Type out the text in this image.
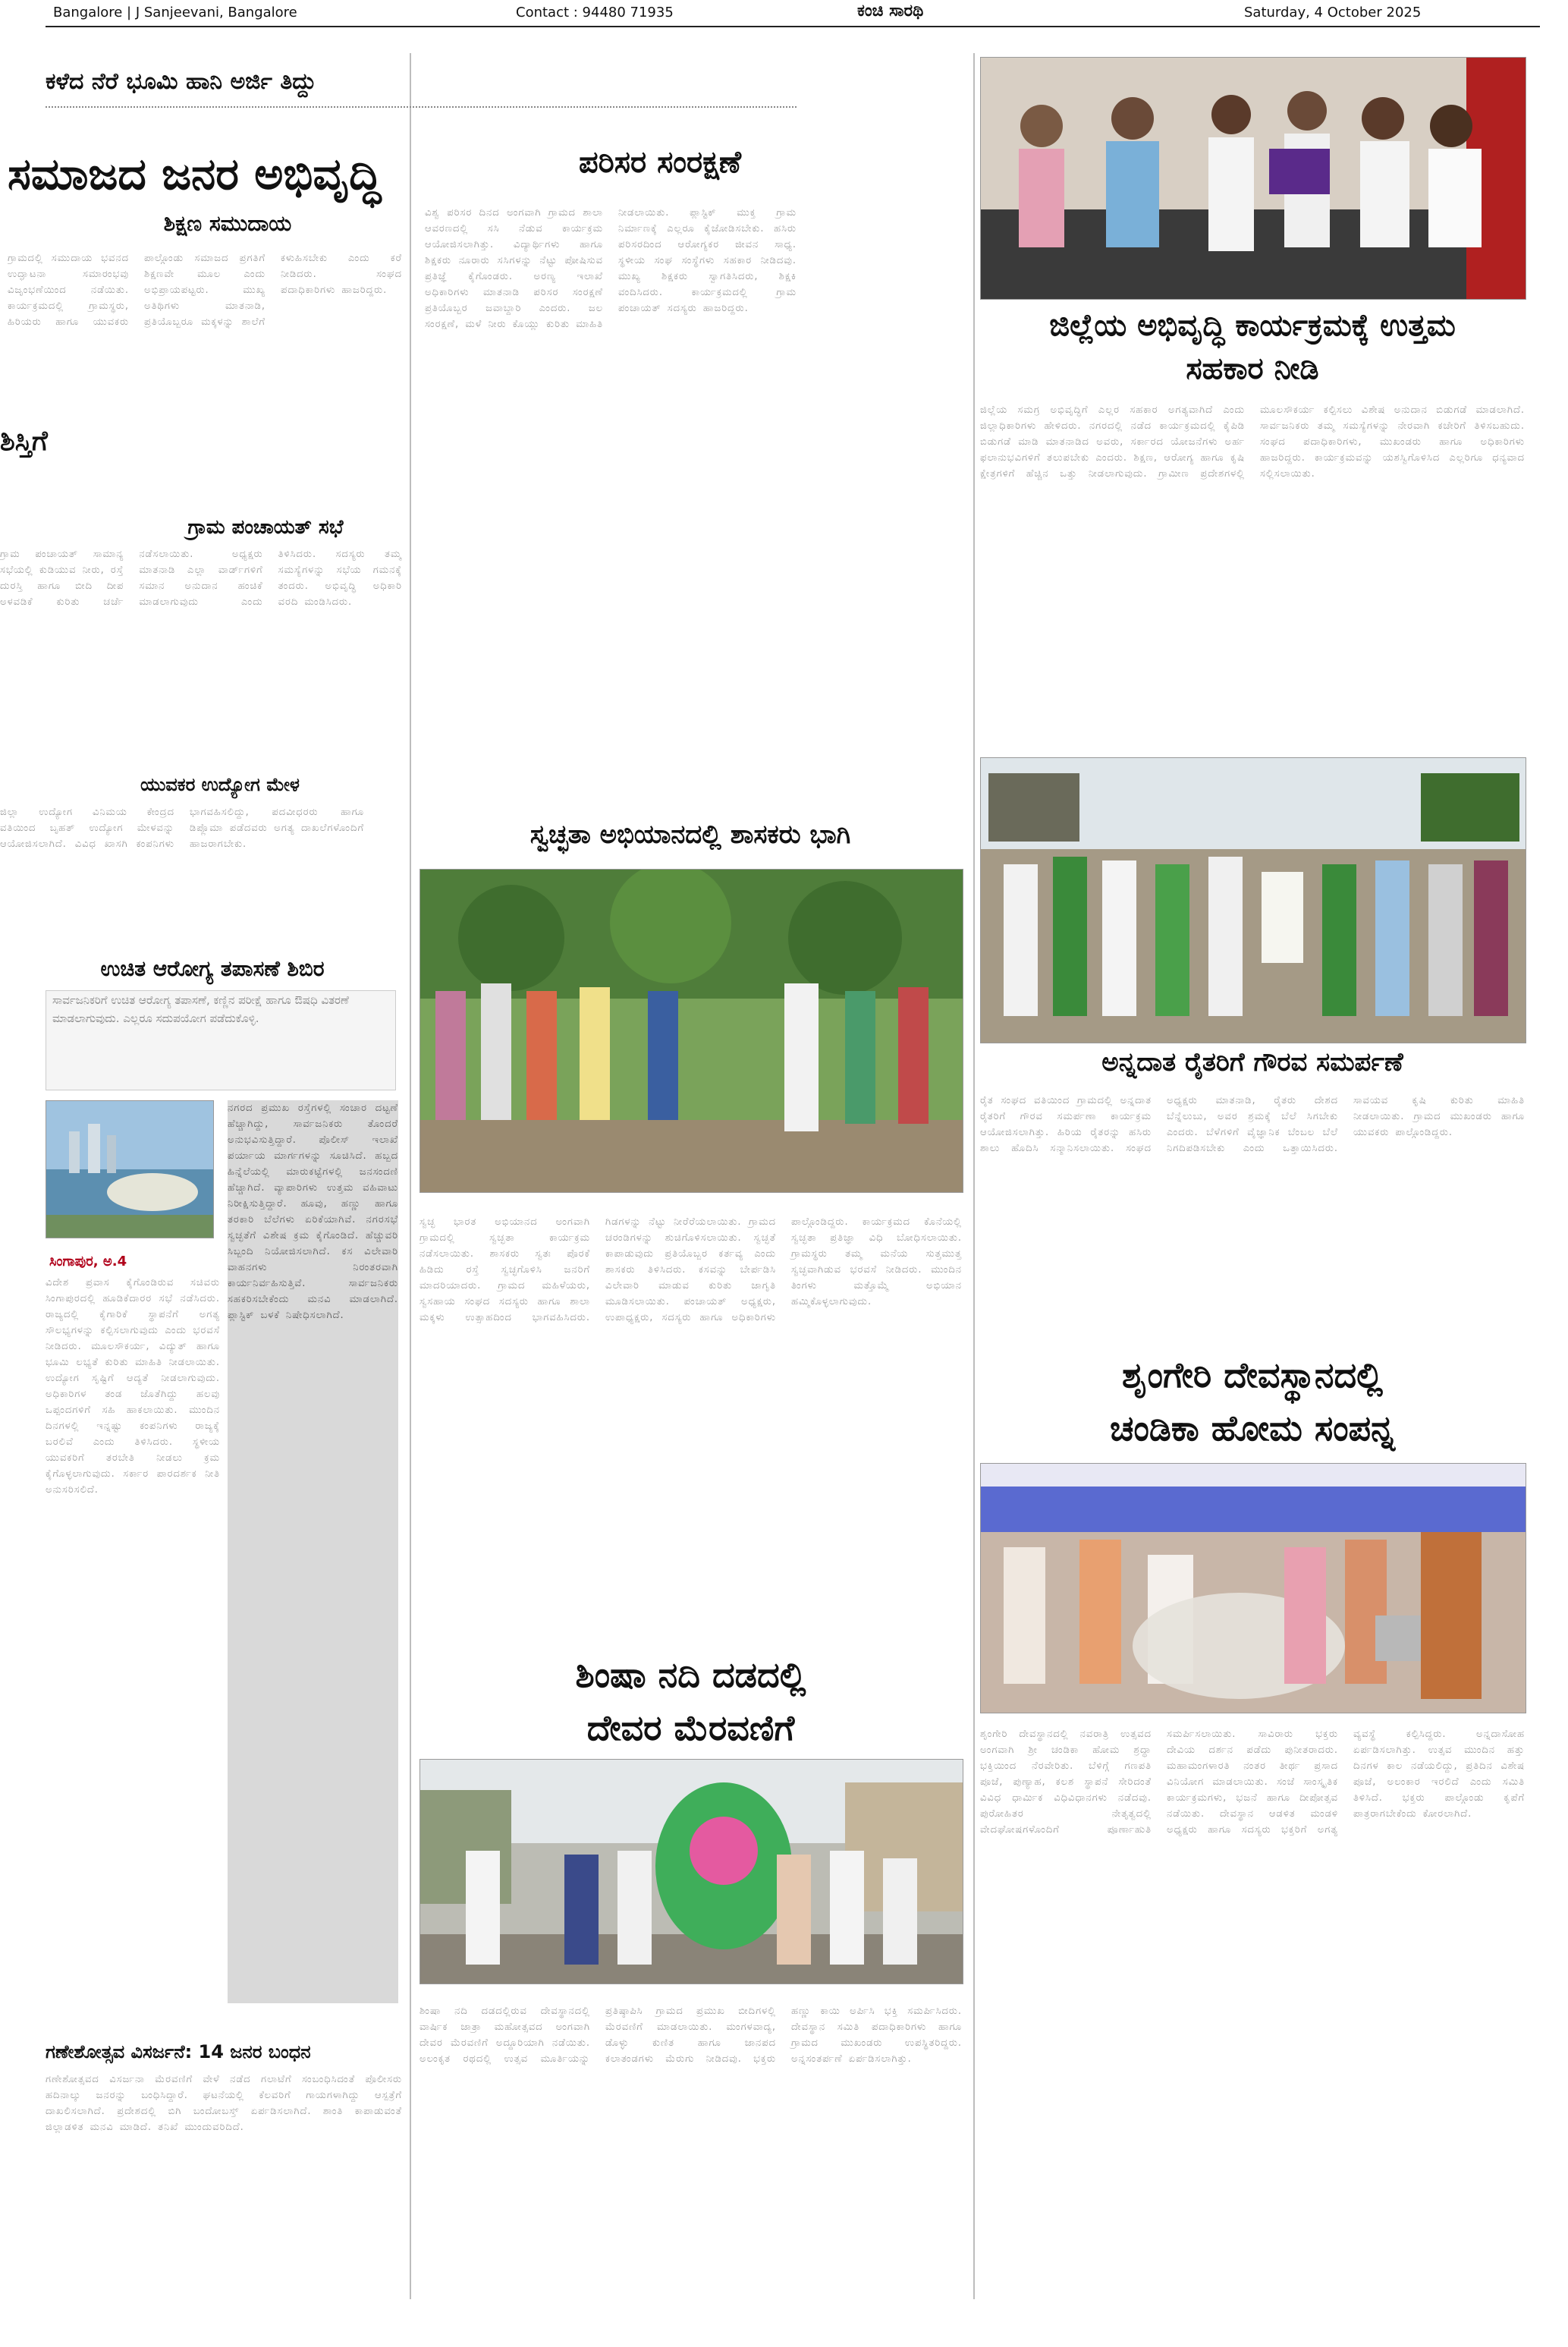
Bangalore | J Sanjeevani, Bangalore	Contact : 94480 71935	ಕಂಚಿ ಸಾರಥಿ	Saturday, 4 October 2025
ಕಳೆದ ನೆರೆ ಭೂಮಿ ಹಾನಿ ಅರ್ಜಿ ತಿದ್ದು
ಸಮಾಜದ ಜನರ ಅಭಿವೃದ್ಧಿ
ಶಿಕ್ಷಣ ಸಮುದಾಯ

ಗ್ರಾಮದಲ್ಲಿ ಸಮುದಾಯ ಭವನದ ಉದ್ಘಾಟನಾ ಸಮಾರಂಭವು ವಿಜೃಂಭಣೆಯಿಂದ ನಡೆಯಿತು. ಕಾರ್ಯಕ್ರಮದಲ್ಲಿ ಗ್ರಾಮಸ್ಥರು, ಹಿರಿಯರು ಹಾಗೂ ಯುವಕರು ಪಾಲ್ಗೊಂಡು ಸಮಾಜದ ಪ್ರಗತಿಗೆ ಶಿಕ್ಷಣವೇ ಮೂಲ ಎಂದು ಅಭಿಪ್ರಾಯಪಟ್ಟರು. ಮುಖ್ಯ ಅತಿಥಿಗಳು ಮಾತನಾಡಿ, ಪ್ರತಿಯೊಬ್ಬರೂ ಮಕ್ಕಳನ್ನು ಶಾಲೆಗೆ ಕಳುಹಿಸಬೇಕು ಎಂದು ಕರೆ ನೀಡಿದರು. ಸಂಘದ ಪದಾಧಿಕಾರಿಗಳು ಹಾಜರಿದ್ದರು.

ಶಿಸ್ತಿಗೆ
ಗ್ರಾಮ ಪಂಚಾಯತ್ ಸಭೆ

ಗ್ರಾಮ ಪಂಚಾಯತ್ ಸಾಮಾನ್ಯ ಸಭೆಯಲ್ಲಿ ಕುಡಿಯುವ ನೀರು, ರಸ್ತೆ ದುರಸ್ತಿ ಹಾಗೂ ಬೀದಿ ದೀಪ ಅಳವಡಿಕೆ ಕುರಿತು ಚರ್ಚೆ ನಡೆಸಲಾಯಿತು. ಅಧ್ಯಕ್ಷರು ಮಾತನಾಡಿ ಎಲ್ಲಾ ವಾರ್ಡ್‌ಗಳಿಗೆ ಸಮಾನ ಅನುದಾನ ಹಂಚಿಕೆ ಮಾಡಲಾಗುವುದು ಎಂದು ತಿಳಿಸಿದರು. ಸದಸ್ಯರು ತಮ್ಮ ಸಮಸ್ಯೆಗಳನ್ನು ಸಭೆಯ ಗಮನಕ್ಕೆ ತಂದರು. ಅಭಿವೃದ್ಧಿ ಅಧಿಕಾರಿ ವರದಿ ಮಂಡಿಸಿದರು.

ಯುವಕರ ಉದ್ಯೋಗ ಮೇಳ

ಜಿಲ್ಲಾ ಉದ್ಯೋಗ ವಿನಿಮಯ ಕೇಂದ್ರದ ವತಿಯಿಂದ ಬೃಹತ್ ಉದ್ಯೋಗ ಮೇಳವನ್ನು ಆಯೋಜಿಸಲಾಗಿದೆ. ವಿವಿಧ ಖಾಸಗಿ ಕಂಪನಿಗಳು ಭಾಗವಹಿಸಲಿದ್ದು, ಪದವೀಧರರು ಹಾಗೂ ಡಿಪ್ಲೊಮಾ ಪಡೆದವರು ಅಗತ್ಯ ದಾಖಲೆಗಳೊಂದಿಗೆ ಹಾಜರಾಗಬೇಕು.

ಉಚಿತ ಆರೋಗ್ಯ ತಪಾಸಣೆ ಶಿಬಿರ

ಸಾರ್ವಜನಿಕರಿಗೆ ಉಚಿತ ಆರೋಗ್ಯ ತಪಾಸಣೆ, ಕಣ್ಣಿನ ಪರೀಕ್ಷೆ ಹಾಗೂ ಔಷಧಿ ವಿತರಣೆ ಮಾಡಲಾಗುವುದು. ಎಲ್ಲರೂ ಸದುಪಯೋಗ ಪಡೆದುಕೊಳ್ಳಿ.

ಸಿಂಗಾಪುರ, ಅ.4

ವಿದೇಶ ಪ್ರವಾಸ ಕೈಗೊಂಡಿರುವ ಸಚಿವರು ಸಿಂಗಾಪುರದಲ್ಲಿ ಹೂಡಿಕೆದಾರರ ಸಭೆ ನಡೆಸಿದರು. ರಾಜ್ಯದಲ್ಲಿ ಕೈಗಾರಿಕೆ ಸ್ಥಾಪನೆಗೆ ಅಗತ್ಯ ಸೌಲಭ್ಯಗಳನ್ನು ಕಲ್ಪಿಸಲಾಗುವುದು ಎಂದು ಭರವಸೆ ನೀಡಿದರು. ಮೂಲಸೌಕರ್ಯ, ವಿದ್ಯುತ್ ಹಾಗೂ ಭೂಮಿ ಲಭ್ಯತೆ ಕುರಿತು ಮಾಹಿತಿ ನೀಡಲಾಯಿತು. ಉದ್ಯೋಗ ಸೃಷ್ಟಿಗೆ ಆದ್ಯತೆ ನೀಡಲಾಗುವುದು. ಅಧಿಕಾರಿಗಳ ತಂಡ ಜೊತೆಗಿದ್ದು ಹಲವು ಒಪ್ಪಂದಗಳಿಗೆ ಸಹಿ ಹಾಕಲಾಯಿತು. ಮುಂದಿನ ದಿನಗಳಲ್ಲಿ ಇನ್ನಷ್ಟು ಕಂಪನಿಗಳು ರಾಜ್ಯಕ್ಕೆ ಬರಲಿವೆ ಎಂದು ತಿಳಿಸಿದರು. ಸ್ಥಳೀಯ ಯುವಕರಿಗೆ ತರಬೇತಿ ನೀಡಲು ಕ್ರಮ ಕೈಗೊಳ್ಳಲಾಗುವುದು. ಸರ್ಕಾರ ಪಾರದರ್ಶಕ ನೀತಿ ಅನುಸರಿಸಲಿದೆ.

ನಗರದ ಪ್ರಮುಖ ರಸ್ತೆಗಳಲ್ಲಿ ಸಂಚಾರ ದಟ್ಟಣೆ ಹೆಚ್ಚಾಗಿದ್ದು, ಸಾರ್ವಜನಿಕರು ತೊಂದರೆ ಅನುಭವಿಸುತ್ತಿದ್ದಾರೆ. ಪೊಲೀಸ್ ಇಲಾಖೆ ಪರ್ಯಾಯ ಮಾರ್ಗಗಳನ್ನು ಸೂಚಿಸಿದೆ. ಹಬ್ಬದ ಹಿನ್ನೆಲೆಯಲ್ಲಿ ಮಾರುಕಟ್ಟೆಗಳಲ್ಲಿ ಜನಸಂದಣಿ ಹೆಚ್ಚಾಗಿದೆ. ವ್ಯಾಪಾರಿಗಳು ಉತ್ತಮ ವಹಿವಾಟು ನಿರೀಕ್ಷಿಸುತ್ತಿದ್ದಾರೆ. ಹೂವು, ಹಣ್ಣು ಹಾಗೂ ತರಕಾರಿ ಬೆಲೆಗಳು ಏರಿಕೆಯಾಗಿವೆ. ನಗರಸಭೆ ಸ್ವಚ್ಛತೆಗೆ ವಿಶೇಷ ಕ್ರಮ ಕೈಗೊಂಡಿದೆ. ಹೆಚ್ಚುವರಿ ಸಿಬ್ಬಂದಿ ನಿಯೋಜಿಸಲಾಗಿದೆ. ಕಸ ವಿಲೇವಾರಿ ವಾಹನಗಳು ನಿರಂತರವಾಗಿ ಕಾರ್ಯನಿರ್ವಹಿಸುತ್ತಿವೆ. ಸಾರ್ವಜನಿಕರು ಸಹಕರಿಸಬೇಕೆಂದು ಮನವಿ ಮಾಡಲಾಗಿದೆ. ಪ್ಲಾಸ್ಟಿಕ್ ಬಳಕೆ ನಿಷೇಧಿಸಲಾಗಿದೆ.

ಗಣೇಶೋತ್ಸವ ವಿಸರ್ಜನೆ: 14 ಜನರ ಬಂಧನ

ಗಣೇಶೋತ್ಸವದ ವಿಸರ್ಜನಾ ಮೆರವಣಿಗೆ ವೇಳೆ ನಡೆದ ಗಲಾಟೆಗೆ ಸಂಬಂಧಿಸಿದಂತೆ ಪೊಲೀಸರು ಹದಿನಾಲ್ಕು ಜನರನ್ನು ಬಂಧಿಸಿದ್ದಾರೆ. ಘಟನೆಯಲ್ಲಿ ಕೆಲವರಿಗೆ ಗಾಯಗಳಾಗಿದ್ದು ಆಸ್ಪತ್ರೆಗೆ ದಾಖಲಿಸಲಾಗಿದೆ. ಪ್ರದೇಶದಲ್ಲಿ ಬಿಗಿ ಬಂದೋಬಸ್ತ್ ಏರ್ಪಡಿಸಲಾಗಿದೆ. ಶಾಂತಿ ಕಾಪಾಡುವಂತೆ ಜಿಲ್ಲಾಡಳಿತ ಮನವಿ ಮಾಡಿದೆ. ತನಿಖೆ ಮುಂದುವರಿದಿದೆ.

ಪರಿಸರ ಸಂರಕ್ಷಣೆ

ವಿಶ್ವ ಪರಿಸರ ದಿನದ ಅಂಗವಾಗಿ ಗ್ರಾಮದ ಶಾಲಾ ಆವರಣದಲ್ಲಿ ಸಸಿ ನೆಡುವ ಕಾರ್ಯಕ್ರಮ ಆಯೋಜಿಸಲಾಗಿತ್ತು. ವಿದ್ಯಾರ್ಥಿಗಳು ಹಾಗೂ ಶಿಕ್ಷಕರು ನೂರಾರು ಸಸಿಗಳನ್ನು ನೆಟ್ಟು ಪೋಷಿಸುವ ಪ್ರತಿಜ್ಞೆ ಕೈಗೊಂಡರು. ಅರಣ್ಯ ಇಲಾಖೆ ಅಧಿಕಾರಿಗಳು ಮಾತನಾಡಿ ಪರಿಸರ ಸಂರಕ್ಷಣೆ ಪ್ರತಿಯೊಬ್ಬರ ಜವಾಬ್ದಾರಿ ಎಂದರು. ಜಲ ಸಂರಕ್ಷಣೆ, ಮಳೆ ನೀರು ಕೊಯ್ಲು ಕುರಿತು ಮಾಹಿತಿ ನೀಡಲಾಯಿತು. ಪ್ಲಾಸ್ಟಿಕ್ ಮುಕ್ತ ಗ್ರಾಮ ನಿರ್ಮಾಣಕ್ಕೆ ಎಲ್ಲರೂ ಕೈಜೋಡಿಸಬೇಕು. ಹಸಿರು ಪರಿಸರದಿಂದ ಆರೋಗ್ಯಕರ ಜೀವನ ಸಾಧ್ಯ. ಸ್ಥಳೀಯ ಸಂಘ ಸಂಸ್ಥೆಗಳು ಸಹಕಾರ ನೀಡಿದವು. ಮುಖ್ಯ ಶಿಕ್ಷಕರು ಸ್ವಾಗತಿಸಿದರು, ಶಿಕ್ಷಕಿ ವಂದಿಸಿದರು. ಕಾರ್ಯಕ್ರಮದಲ್ಲಿ ಗ್ರಾಮ ಪಂಚಾಯತ್ ಸದಸ್ಯರು ಹಾಜರಿದ್ದರು.

ಸ್ವಚ್ಛತಾ ಅಭಿಯಾನದಲ್ಲಿ ಶಾಸಕರು ಭಾಗಿ

ಸ್ವಚ್ಛ ಭಾರತ ಅಭಿಯಾನದ ಅಂಗವಾಗಿ ಗ್ರಾಮದಲ್ಲಿ ಸ್ವಚ್ಛತಾ ಕಾರ್ಯಕ್ರಮ ನಡೆಸಲಾಯಿತು. ಶಾಸಕರು ಸ್ವತಃ ಪೊರಕೆ ಹಿಡಿದು ರಸ್ತೆ ಸ್ವಚ್ಛಗೊಳಿಸಿ ಜನರಿಗೆ ಮಾದರಿಯಾದರು. ಗ್ರಾಮದ ಮಹಿಳೆಯರು, ಸ್ವಸಹಾಯ ಸಂಘದ ಸದಸ್ಯರು ಹಾಗೂ ಶಾಲಾ ಮಕ್ಕಳು ಉತ್ಸಾಹದಿಂದ ಭಾಗವಹಿಸಿದರು. ಗಿಡಗಳನ್ನು ನೆಟ್ಟು ನೀರೆರೆಯಲಾಯಿತು. ಗ್ರಾಮದ ಚರಂಡಿಗಳನ್ನು ಶುಚಿಗೊಳಿಸಲಾಯಿತು. ಸ್ವಚ್ಛತೆ ಕಾಪಾಡುವುದು ಪ್ರತಿಯೊಬ್ಬರ ಕರ್ತವ್ಯ ಎಂದು ಶಾಸಕರು ತಿಳಿಸಿದರು. ಕಸವನ್ನು ಬೇರ್ಪಡಿಸಿ ವಿಲೇವಾರಿ ಮಾಡುವ ಕುರಿತು ಜಾಗೃತಿ ಮೂಡಿಸಲಾಯಿತು. ಪಂಚಾಯತ್ ಅಧ್ಯಕ್ಷರು, ಉಪಾಧ್ಯಕ್ಷರು, ಸದಸ್ಯರು ಹಾಗೂ ಅಧಿಕಾರಿಗಳು ಪಾಲ್ಗೊಂಡಿದ್ದರು. ಕಾರ್ಯಕ್ರಮದ ಕೊನೆಯಲ್ಲಿ ಸ್ವಚ್ಛತಾ ಪ್ರತಿಜ್ಞಾ ವಿಧಿ ಬೋಧಿಸಲಾಯಿತು. ಗ್ರಾಮಸ್ಥರು ತಮ್ಮ ಮನೆಯ ಸುತ್ತಮುತ್ತ ಸ್ವಚ್ಛವಾಗಿಡುವ ಭರವಸೆ ನೀಡಿದರು. ಮುಂದಿನ ತಿಂಗಳು ಮತ್ತೊಮ್ಮೆ ಅಭಿಯಾನ ಹಮ್ಮಿಕೊಳ್ಳಲಾಗುವುದು.

ಶಿಂಷಾ ನದಿ ದಡದಲ್ಲಿ
ದೇವರ ಮೆರವಣಿಗೆ

ಶಿಂಷಾ ನದಿ ದಡದಲ್ಲಿರುವ ದೇವಸ್ಥಾನದಲ್ಲಿ ವಾರ್ಷಿಕ ಜಾತ್ರಾ ಮಹೋತ್ಸವದ ಅಂಗವಾಗಿ ದೇವರ ಮೆರವಣಿಗೆ ಅದ್ದೂರಿಯಾಗಿ ನಡೆಯಿತು. ಅಲಂಕೃತ ರಥದಲ್ಲಿ ಉತ್ಸವ ಮೂರ್ತಿಯನ್ನು ಪ್ರತಿಷ್ಠಾಪಿಸಿ ಗ್ರಾಮದ ಪ್ರಮುಖ ಬೀದಿಗಳಲ್ಲಿ ಮೆರವಣಿಗೆ ಮಾಡಲಾಯಿತು. ಮಂಗಳವಾದ್ಯ, ಡೊಳ್ಳು ಕುಣಿತ ಹಾಗೂ ಜಾನಪದ ಕಲಾತಂಡಗಳು ಮೆರುಗು ನೀಡಿದವು. ಭಕ್ತರು ಹಣ್ಣು ಕಾಯಿ ಅರ್ಪಿಸಿ ಭಕ್ತಿ ಸಮರ್ಪಿಸಿದರು. ದೇವಸ್ಥಾನ ಸಮಿತಿ ಪದಾಧಿಕಾರಿಗಳು ಹಾಗೂ ಗ್ರಾಮದ ಮುಖಂಡರು ಉಪಸ್ಥಿತರಿದ್ದರು. ಅನ್ನಸಂತರ್ಪಣೆ ಏರ್ಪಡಿಸಲಾಗಿತ್ತು.

ಜಿಲ್ಲೆಯ ಅಭಿವೃದ್ಧಿ ಕಾರ್ಯಕ್ರಮಕ್ಕೆ ಉತ್ತಮ
ಸಹಕಾರ ನೀಡಿ

ಜಿಲ್ಲೆಯ ಸಮಗ್ರ ಅಭಿವೃದ್ಧಿಗೆ ಎಲ್ಲರ ಸಹಕಾರ ಅಗತ್ಯವಾಗಿದೆ ಎಂದು ಜಿಲ್ಲಾಧಿಕಾರಿಗಳು ಹೇಳಿದರು. ನಗರದಲ್ಲಿ ನಡೆದ ಕಾರ್ಯಕ್ರಮದಲ್ಲಿ ಕೈಪಿಡಿ ಬಿಡುಗಡೆ ಮಾಡಿ ಮಾತನಾಡಿದ ಅವರು, ಸರ್ಕಾರದ ಯೋಜನೆಗಳು ಅರ್ಹ ಫಲಾನುಭವಿಗಳಿಗೆ ತಲುಪಬೇಕು ಎಂದರು. ಶಿಕ್ಷಣ, ಆರೋಗ್ಯ ಹಾಗೂ ಕೃಷಿ ಕ್ಷೇತ್ರಗಳಿಗೆ ಹೆಚ್ಚಿನ ಒತ್ತು ನೀಡಲಾಗುವುದು. ಗ್ರಾಮೀಣ ಪ್ರದೇಶಗಳಲ್ಲಿ ಮೂಲಸೌಕರ್ಯ ಕಲ್ಪಿಸಲು ವಿಶೇಷ ಅನುದಾನ ಬಿಡುಗಡೆ ಮಾಡಲಾಗಿದೆ. ಸಾರ್ವಜನಿಕರು ತಮ್ಮ ಸಮಸ್ಯೆಗಳನ್ನು ನೇರವಾಗಿ ಕಚೇರಿಗೆ ತಿಳಿಸಬಹುದು. ಸಂಘದ ಪದಾಧಿಕಾರಿಗಳು, ಮುಖಂಡರು ಹಾಗೂ ಅಧಿಕಾರಿಗಳು ಹಾಜರಿದ್ದರು. ಕಾರ್ಯಕ್ರಮವನ್ನು ಯಶಸ್ವಿಗೊಳಿಸಿದ ಎಲ್ಲರಿಗೂ ಧನ್ಯವಾದ ಸಲ್ಲಿಸಲಾಯಿತು.

ಅನ್ನದಾತ ರೈತರಿಗೆ ಗೌರವ ಸಮರ್ಪಣೆ

ರೈತ ಸಂಘದ ವತಿಯಿಂದ ಗ್ರಾಮದಲ್ಲಿ ಅನ್ನದಾತ ರೈತರಿಗೆ ಗೌರವ ಸಮರ್ಪಣಾ ಕಾರ್ಯಕ್ರಮ ಆಯೋಜಿಸಲಾಗಿತ್ತು. ಹಿರಿಯ ರೈತರನ್ನು ಹಸಿರು ಶಾಲು ಹೊದಿಸಿ ಸನ್ಮಾನಿಸಲಾಯಿತು. ಸಂಘದ ಅಧ್ಯಕ್ಷರು ಮಾತನಾಡಿ, ರೈತರು ದೇಶದ ಬೆನ್ನೆಲುಬು, ಅವರ ಶ್ರಮಕ್ಕೆ ಬೆಲೆ ಸಿಗಬೇಕು ಎಂದರು. ಬೆಳೆಗಳಿಗೆ ವೈಜ್ಞಾನಿಕ ಬೆಂಬಲ ಬೆಲೆ ನಿಗದಿಪಡಿಸಬೇಕು ಎಂದು ಒತ್ತಾಯಿಸಿದರು. ಸಾವಯವ ಕೃಷಿ ಕುರಿತು ಮಾಹಿತಿ ನೀಡಲಾಯಿತು. ಗ್ರಾಮದ ಮುಖಂಡರು ಹಾಗೂ ಯುವಕರು ಪಾಲ್ಗೊಂಡಿದ್ದರು.

ಶೃಂಗೇರಿ ದೇವಸ್ಥಾನದಲ್ಲಿ
ಚಂಡಿಕಾ ಹೋಮ ಸಂಪನ್ನ

ಶೃಂಗೇರಿ ದೇವಸ್ಥಾನದಲ್ಲಿ ನವರಾತ್ರಿ ಉತ್ಸವದ ಅಂಗವಾಗಿ ಶ್ರೀ ಚಂಡಿಕಾ ಹೋಮ ಶ್ರದ್ಧಾ ಭಕ್ತಿಯಿಂದ ನೆರವೇರಿತು. ಬೆಳಿಗ್ಗೆ ಗಣಪತಿ ಪೂಜೆ, ಪುಣ್ಯಾಹ, ಕಲಶ ಸ್ಥಾಪನೆ ಸೇರಿದಂತೆ ವಿವಿಧ ಧಾರ್ಮಿಕ ವಿಧಿವಿಧಾನಗಳು ನಡೆದವು. ಪುರೋಹಿತರ ನೇತೃತ್ವದಲ್ಲಿ ವೇದಘೋಷಗಳೊಂದಿಗೆ ಪೂರ್ಣಾಹುತಿ ಸಮರ್ಪಿಸಲಾಯಿತು. ಸಾವಿರಾರು ಭಕ್ತರು ದೇವಿಯ ದರ್ಶನ ಪಡೆದು ಪುನೀತರಾದರು. ಮಹಾಮಂಗಳಾರತಿ ನಂತರ ತೀರ್ಥ ಪ್ರಸಾದ ವಿನಿಯೋಗ ಮಾಡಲಾಯಿತು. ಸಂಜೆ ಸಾಂಸ್ಕೃತಿಕ ಕಾರ್ಯಕ್ರಮಗಳು, ಭಜನೆ ಹಾಗೂ ದೀಪೋತ್ಸವ ನಡೆಯಿತು. ದೇವಸ್ಥಾನ ಆಡಳಿತ ಮಂಡಳಿ ಅಧ್ಯಕ್ಷರು ಹಾಗೂ ಸದಸ್ಯರು ಭಕ್ತರಿಗೆ ಅಗತ್ಯ ವ್ಯವಸ್ಥೆ ಕಲ್ಪಿಸಿದ್ದರು. ಅನ್ನದಾಸೋಹ ಏರ್ಪಡಿಸಲಾಗಿತ್ತು. ಉತ್ಸವ ಮುಂದಿನ ಹತ್ತು ದಿನಗಳ ಕಾಲ ನಡೆಯಲಿದ್ದು, ಪ್ರತಿದಿನ ವಿಶೇಷ ಪೂಜೆ, ಅಲಂಕಾರ ಇರಲಿದೆ ಎಂದು ಸಮಿತಿ ತಿಳಿಸಿದೆ. ಭಕ್ತರು ಪಾಲ್ಗೊಂಡು ಕೃಪೆಗೆ ಪಾತ್ರರಾಗಬೇಕೆಂದು ಕೋರಲಾಗಿದೆ.
